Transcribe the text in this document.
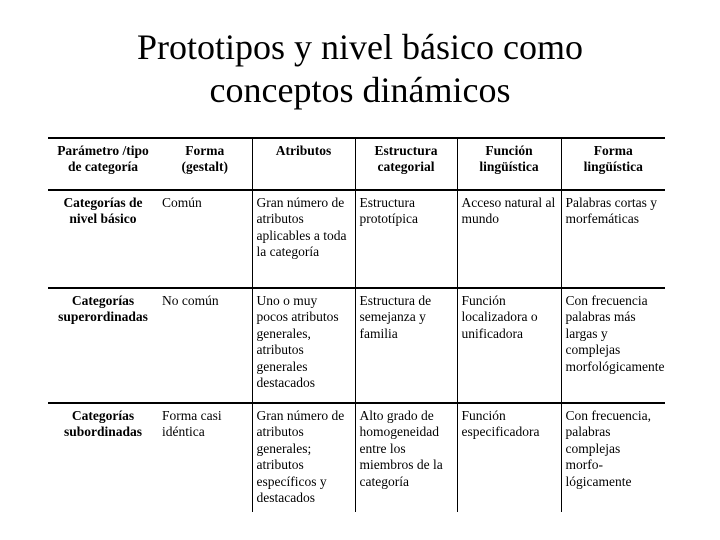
Prototipos y nivel básico como
conceptos dinámicos
Parámetro /tipo de categoría	Forma (gestalt)	Atributos	Estructura categorial	Función lingüística	Forma lingüística
Categorías de nivel básico	Común	Gran número de atributos aplicables a toda la categoría	Estructura prototípica	Acceso natural al mundo	Palabras cortas y morfemáticas
Categorías superordinadas	No común	Uno o muy pocos atributos generales, atributos generales destacados	Estructura de semejanza y familia	Función localizadora o unificadora	Con frecuencia palabras más largas y complejas morfológicamente
Categorías subordinadas	Forma casi idéntica	Gran número de atributos generales; atributos específicos y destacados	Alto grado de homogeneidad entre los miembros de la categoría	Función especificadora	Con frecuencia, palabras complejas morfo-lógicamente
